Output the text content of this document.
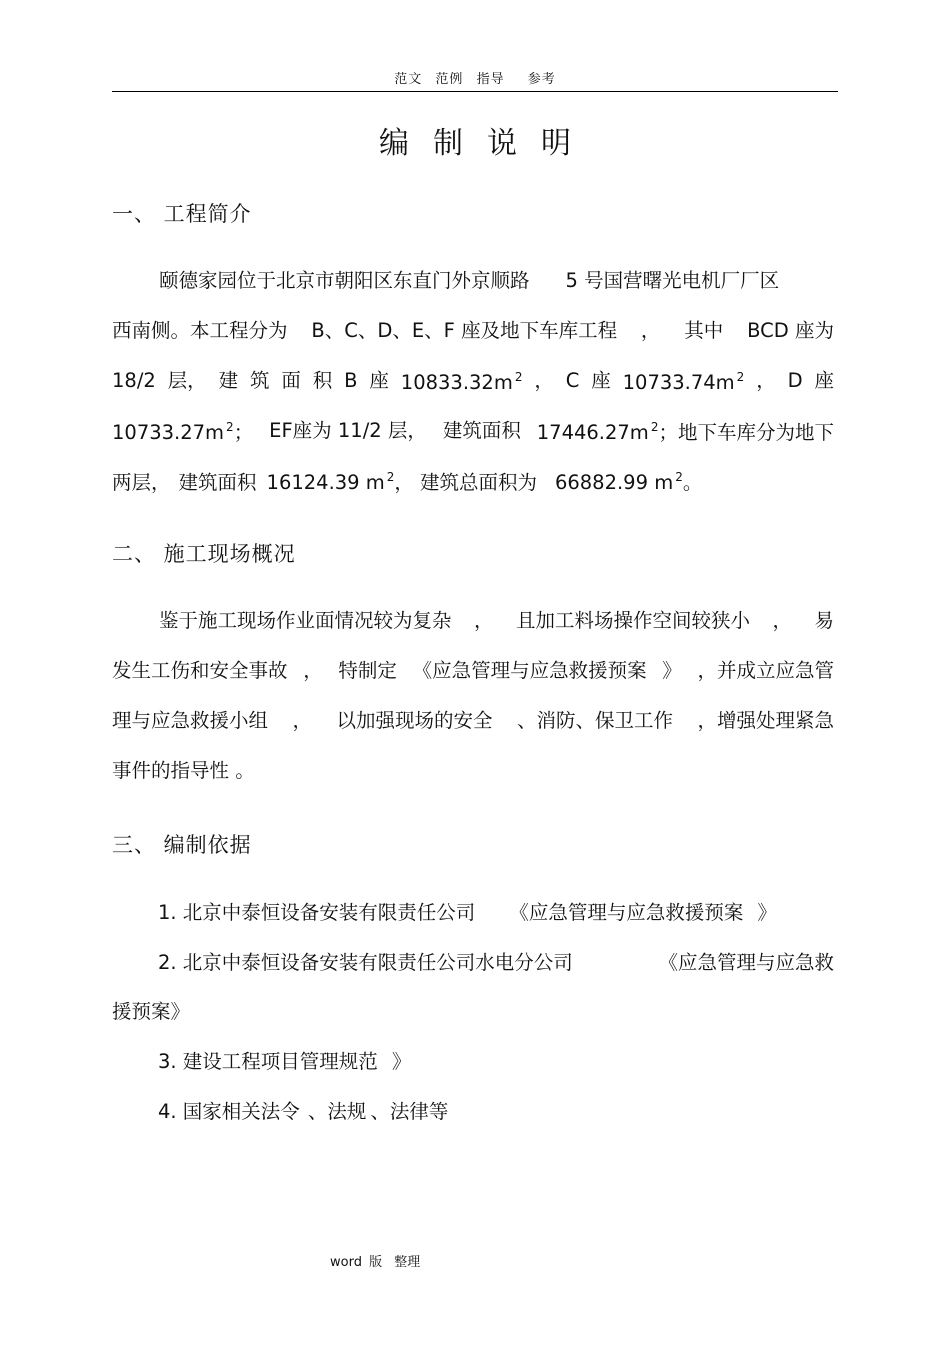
范文 范例 指导 参考
编制说明
一、 工程简介
颐德家园位于北京市朝阳区东直门外京顺路 5 号国营曙光电机厂厂区
西南侧。本工程分为 B、C、D、E、F 座及地下车库工程 ， 其中 BCD 座为
18/2 层， 建 筑 面 积 B 座 10833.32m $^2$ ， C 座 10733.74m $^2$ ， D 座
10733.27m $^2$； EF座为 11/2 层， 建筑面积 17446.27m $^2$；地下车库分为地下
两层， 建筑面积 16124.39 m $^2$， 建筑总面积为 66882.99 m $^2$。
二、 施工现场概况
鉴于施工现场作业面情况较为复杂 ， 且加工料场操作空间较狭小 ， 易
发生工伤和安全事故 ， 特制定 《应急管理与应急救援预案 》 ，并成立应急管
理与应急救援小组 ， 以加强现场的安全 、消防、保卫工作 ，增强处理紧急
事件的指导性 。
三、 编制依据
1. 北京中泰恒设备安装有限责任公司 《应急管理与应急救援预案 》
2. 北京中泰恒设备安装有限责任公司水电分公司	《应急管理与应急救
援预案》
3. 建设工程项目管理规范 》
4. 国家相关法令 、法规 、法律等
word 版 整理
